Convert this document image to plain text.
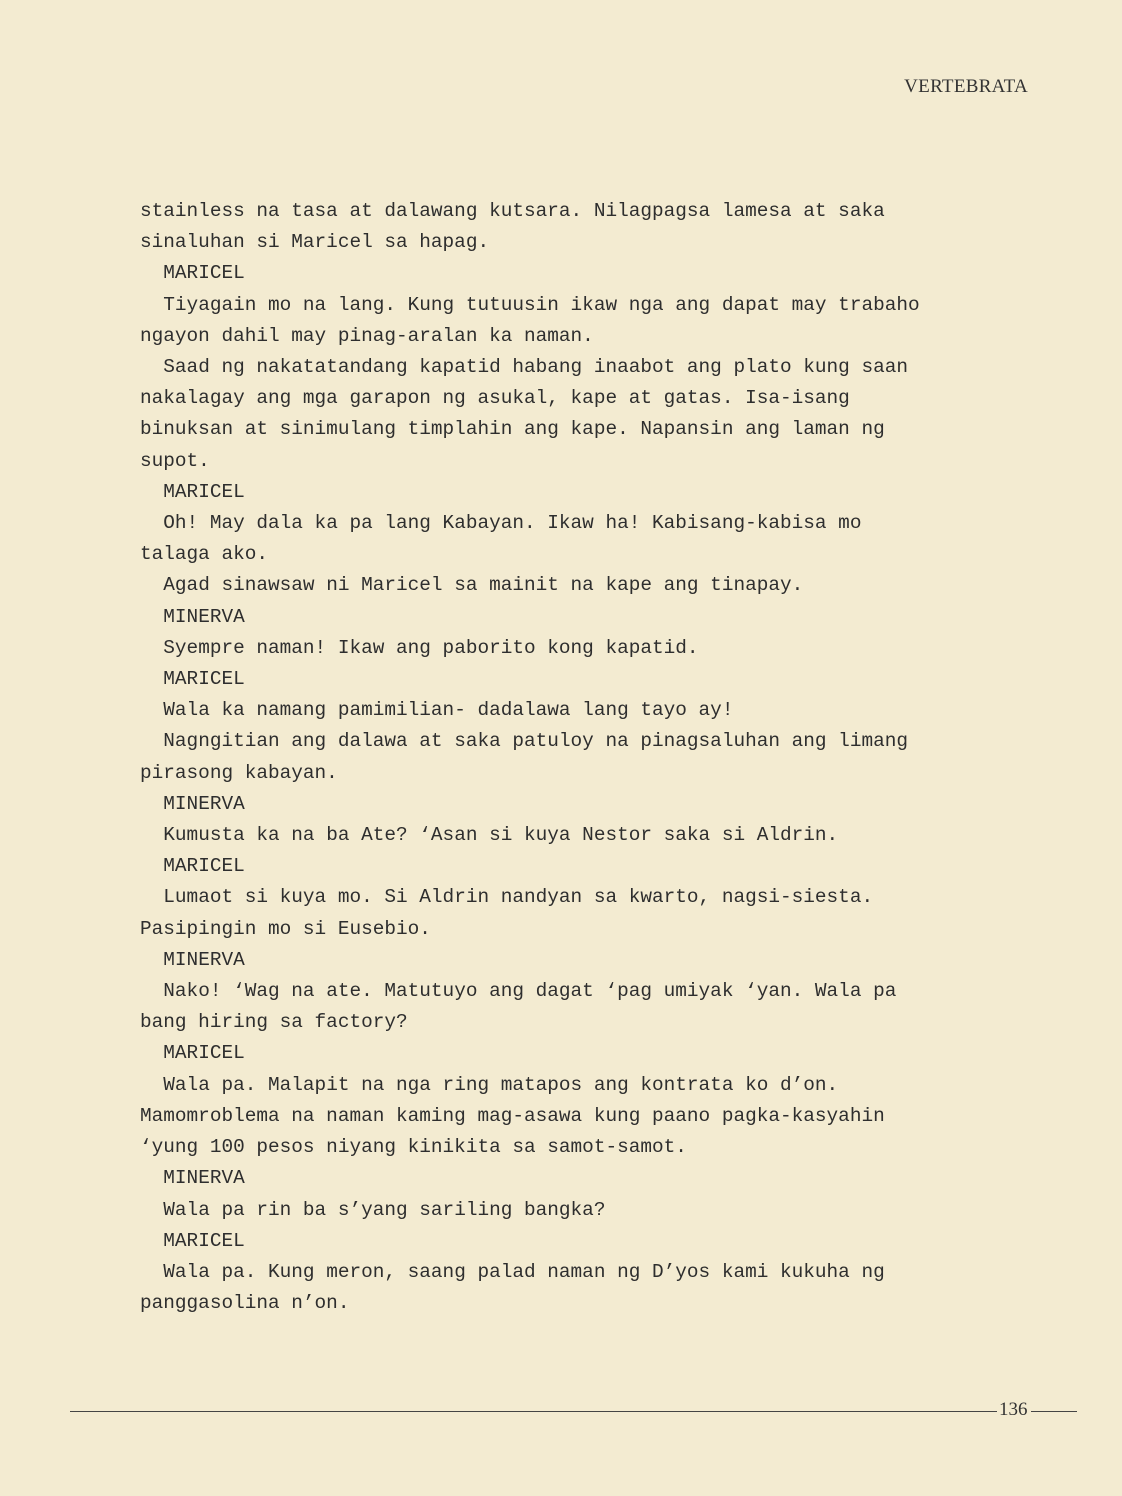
VERTEBRATA

stainless na tasa at dalawang kutsara. Nilagpagsa lamesa at saka
sinaluhan si Maricel sa hapag.

MARICEL

Tiyagain mo na lang. Kung tutuusin ikaw nga ang dapat may trabaho
ngayon dahil may pinag-aralan ka naman.

Saad ng nakatatandang kapatid habang inaabot ang plato kung saan
nakalagay ang mga garapon ng asukal, kape at gatas. Isa-isang
binuksan at sinimulang timplahin ang kape. Napansin ang laman ng
supot.

MARICEL

Oh! May dala ka pa lang Kabayan. Ikaw ha! Kabisang-kabisa mo
talaga ako.

Agad sinawsaw ni Maricel sa mainit na kape ang tinapay.

MINERVA

Syempre naman! Ikaw ang paborito kong kapatid.

MARICEL

Wala ka namang pamimilian- dadalawa lang tayo ay!

Nagngitian ang dalawa at saka patuloy na pinagsaluhan ang limang
pirasong kabayan.

MINERVA

Kumusta ka na ba Ate? ‘Asan si kuya Nestor saka si Aldrin.

MARICEL

Lumaot si kuya mo. Si Aldrin nandyan sa kwarto, nagsi-siesta.
Pasipingin mo si Eusebio.

MINERVA

Nako! ‘Wag na ate. Matutuyo ang dagat ‘pag umiyak ‘yan. Wala pa
bang hiring sa factory?

MARICEL

Wala pa. Malapit na nga ring matapos ang kontrata ko d’on.
Mamomroblema na naman kaming mag-asawa kung paano pagka-kasyahin
‘yung 100 pesos niyang kinikita sa samot-samot.

MINERVA

Wala pa rin ba s’yang sariling bangka?

MARICEL

Wala pa. Kung meron, saang palad naman ng D’yos kami kukuha ng
panggasolina n’on.

136
